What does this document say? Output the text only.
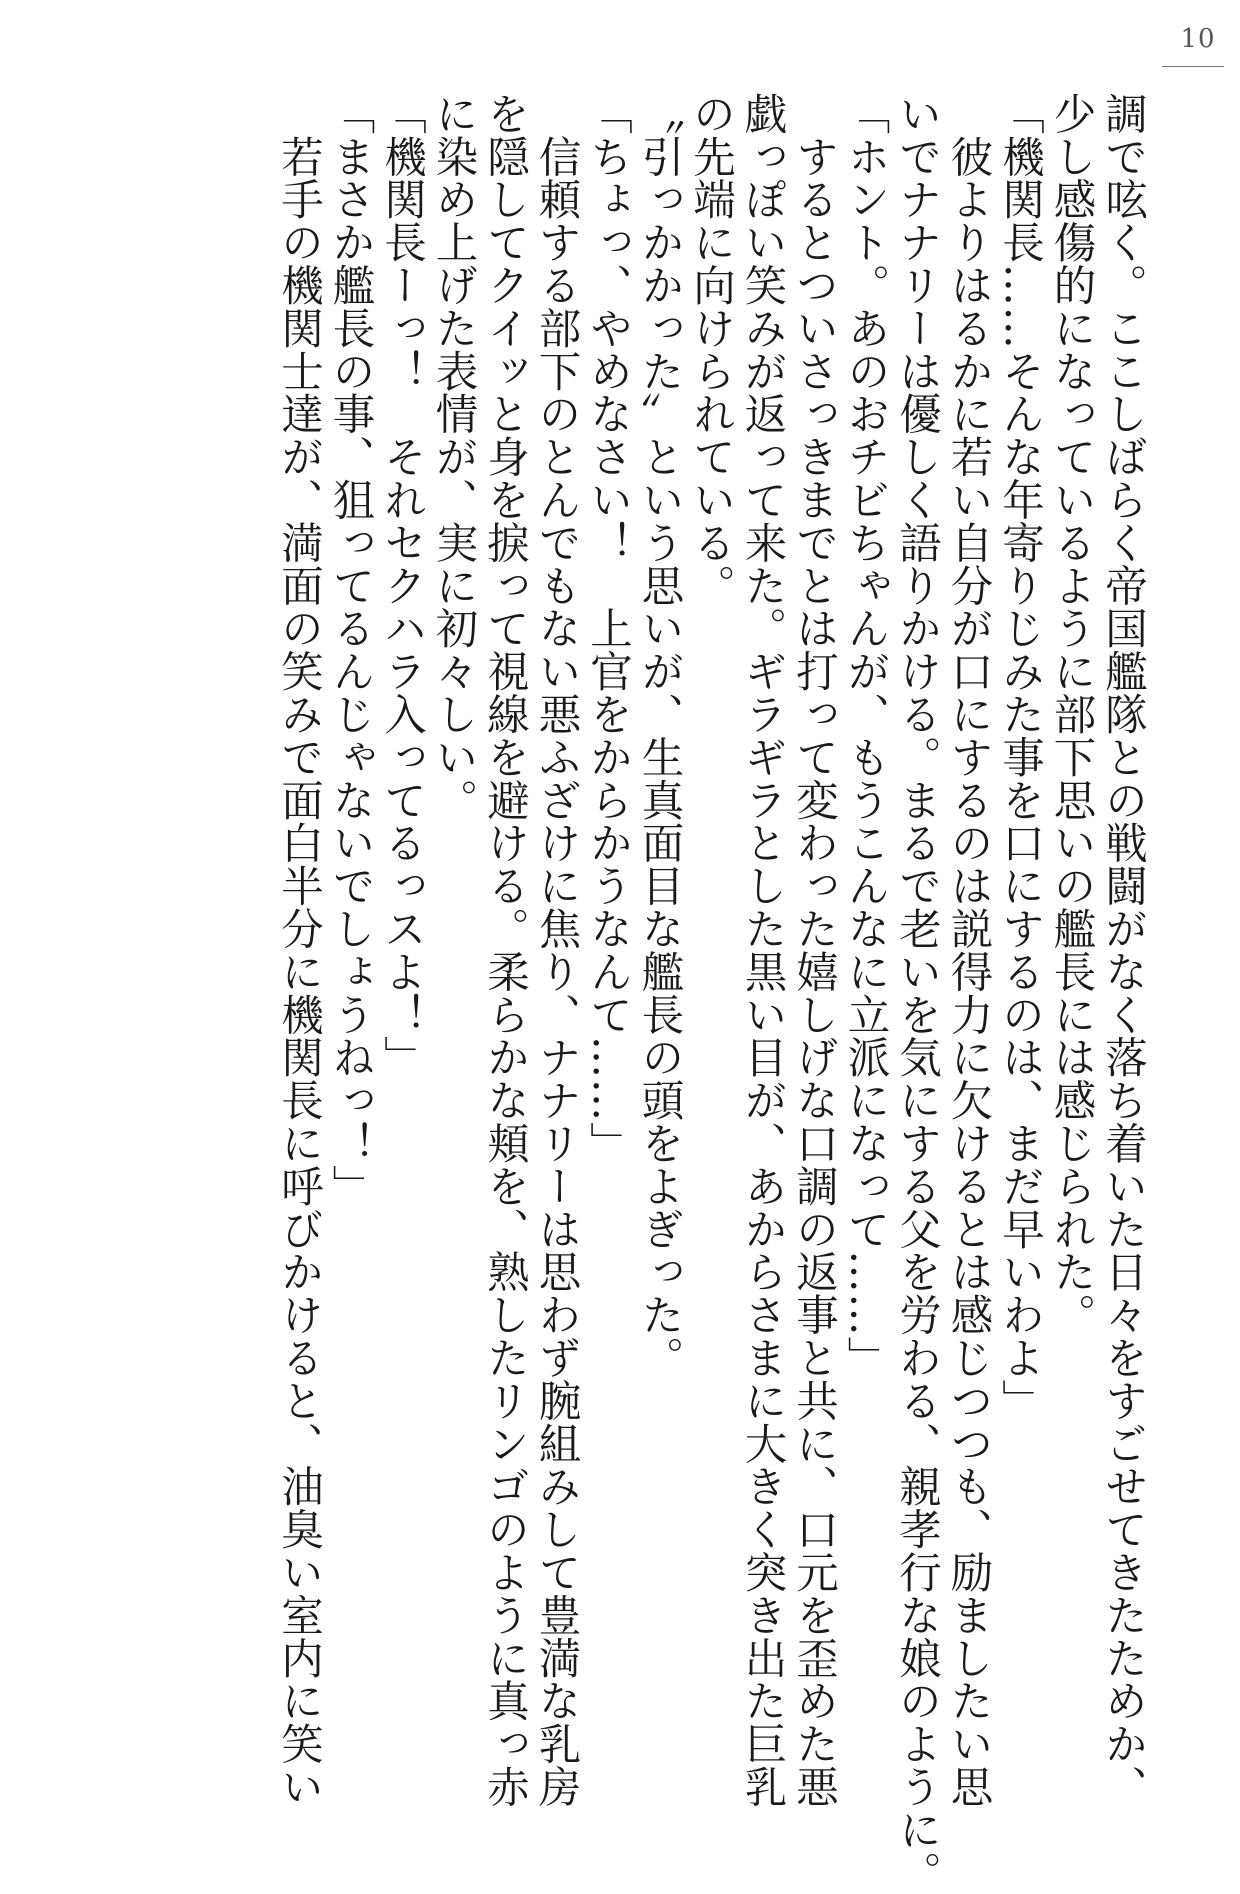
10
調で呟く。ここしばらく帝国艦隊との戦闘がなく落ち着いた日々をすごせてきたためか、
少し感傷的になっているように部下思いの艦長には感じられた。
「機関長……そんな年寄りじみた事を口にするのは、まだ早いわよ」
　彼よりはるかに若い自分が口にするのは説得力に欠けるとは感じつつも、励ましたい思
いでナナリーは優しく語りかける。まるで老いを気にする父を労わる、親孝行な娘のように。
「ホント。あのおチビちゃんが、もうこんなに立派になって……」
　するとついさっきまでとは打って変わった嬉しげな口調の返事と共に、口元を歪めた悪
戯っぽい笑みが返って来た。ギラギラとした黒い目が、あからさまに大きく突き出た巨乳
の先端に向けられている。
〝引っかかった〟という思いが、生真面目な艦長の頭をよぎった。
「ちょっ、やめなさい！　上官をからかうなんて……」
　信頼する部下のとんでもない悪ふざけに焦り、ナナリーは思わず腕組みして豊満な乳房
を隠してクイッと身を捩って視線を避ける。柔らかな頬を、熟したリンゴのように真っ赤
に染め上げた表情が、実に初々しい。
「機関長ーっ！　それセクハラ入ってるっスよ！」
「まさか艦長の事、狙ってるんじゃないでしょうねっ！」
　若手の機関士達が、満面の笑みで面白半分に機関長に呼びかけると、油臭い室内に笑い
